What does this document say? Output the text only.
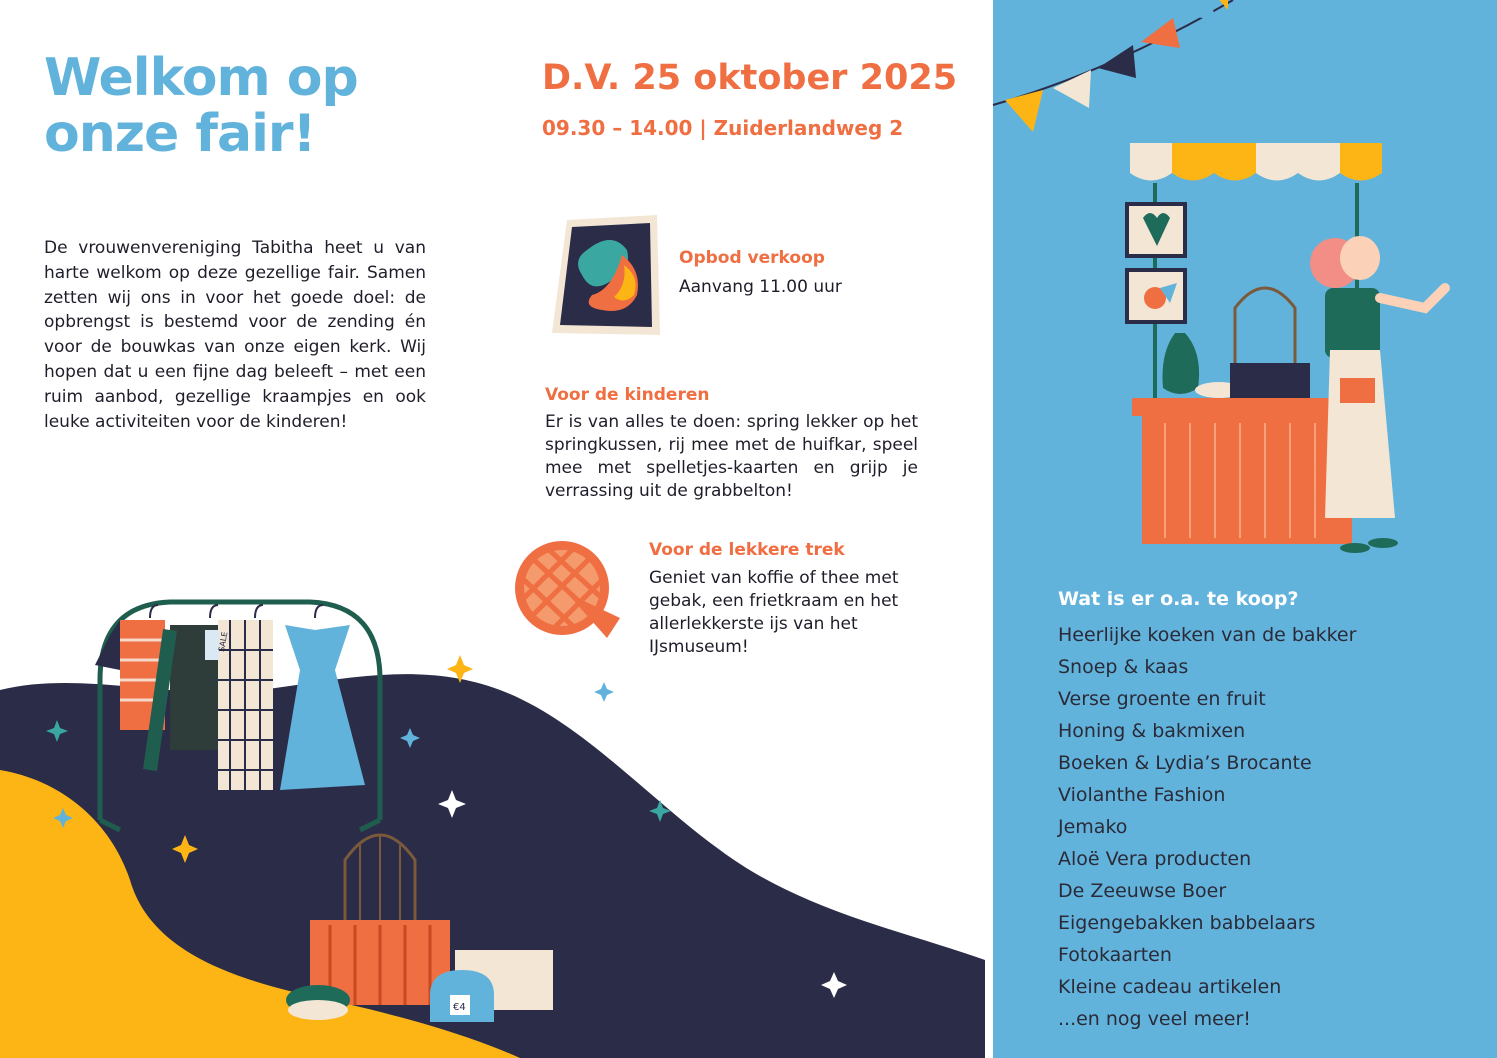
SALE
€4
Welkom op
onze fair!

De vrouwenvereniging Tabitha heet u van harte welkom op deze gezellige fair. Samen zetten wij ons in voor het goede doel: de opbrengst is bestemd voor de zending én voor de bouwkas van onze eigen kerk. Wij hopen dat u een fijne dag beleeft – met een ruim aanbod, gezellige kraampjes en ook leuke activiteiten voor de kinderen!

D.V. 25 oktober 2025

09.30 – 14.00 | Zuiderlandweg 2

Opbod verkoop

Aanvang 11.00 uur

Voor de kinderen

Er is van alles te doen: spring lekker op het springkussen, rij mee met de huifkar, speel mee met spelletjes-kaarten en grijp je verrassing uit de grabbelton!

Voor de lekkere trek

Geniet van koffie of thee met gebak, een frietkraam en het allerlekkerste ijs van het IJsmuseum!

Wat is er o.a. te koop?

Heerlijke koeken van de bakker
Snoep & kaas
Verse groente en fruit
Honing & bakmixen
Boeken & Lydia’s Brocante
Violanthe Fashion
Jemako
Aloë Vera producten
De Zeeuwse Boer
Eigengebakken babbelaars
Fotokaarten
Kleine cadeau artikelen
...en nog veel meer!
